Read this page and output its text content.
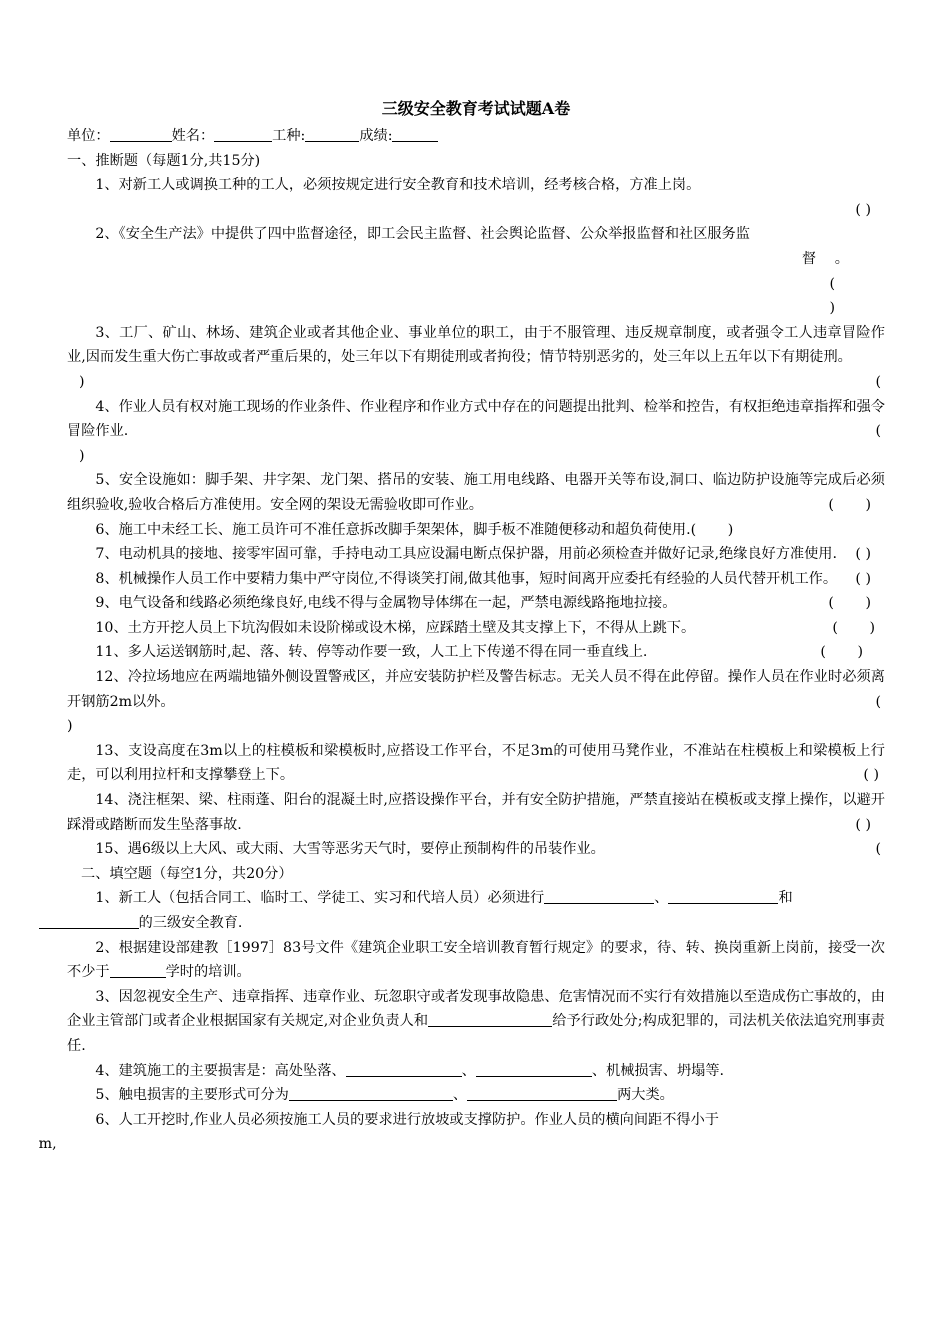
三级安全教育考试试题A卷

单位：	姓名：	工种:	成绩:

一、推断题（每题1分,共15分)

1、对新工人或调换工种的工人，必须按规定进行安全教育和技术培训，经考核合格，方准上岗。

( )

2、《安全生产法》中提供了四中监督途径，即工会民主监督、社会舆论监督、公众举报监督和社区服务监

督　 。

(

)

3、工厂、矿山、林场、建筑企业或者其他企业、事业单位的职工，由于不服管理、违反规章制度，或者强令工人违章冒险作业,因而发生重大伤亡事故或者严重后果的，处三年以下有期徒刑或者拘役；情节特别恶劣的，处三年以上五年以下有期徒刑。
(

)

4、作业人员有权对施工现场的作业条件、作业程序和作业方式中存在的问题提出批判、检举和控告，有权拒绝违章指挥和强令冒险作业.	(

)

5、安全设施如：脚手架、井字架、龙门架、搭吊的安装、施工用电线路、电器开关等布设,洞口、临边防护设施等完成后必须组织验收,验收合格后方准使用。安全网的架设无需验收即可作业。	(       )

6、施工中未经工长、施工员许可不准任意拆改脚手架架体，脚手板不准随便移动和超负荷使用.(       )

7、电动机具的接地、接零牢固可靠，手持电动工具应设漏电断点保护器，用前必须检查并做好记录,绝缘良好方准使用.	( )

8、机械操作人员工作中要精力集中严守岗位,不得谈笑打闹,做其他事，短时间离开应委托有经验的人员代替开机工作。	( )

9、电气设备和线路必须绝缘良好,电线不得与金属物导体绑在一起，严禁电源线路拖地拉接。	(       )

10、土方开挖人员上下坑沟假如未设阶梯或设木梯，应踩踏土壁及其支撑上下，不得从上跳下。	(       )

11、多人运送钢筋时,起、落、转、停等动作要一致，人工上下传递不得在同一垂直线上.	(       )

12、冷拉场地应在两端地锚外侧设置警戒区，并应安装防护栏及警告标志。无关人员不得在此停留。操作人员在作业时必须离开钢筋2m以外。	(

)

13、支设高度在3m以上的柱模板和梁模板时,应搭设工作平台，不足3m的可使用马凳作业，不准站在柱模板上和梁模板上行走，可以利用拉杆和支撑攀登上下。	( )

14、浇注框架、梁、柱雨蓬、阳台的混凝土时,应搭设操作平台，并有安全防护措施，严禁直接站在模板或支撑上操作，以避开踩滑或踏断而发生坠落事故.	( )

15、遇6级以上大风、或大雨、大雪等恶劣天气时，要停止预制构件的吊装作业。	(

二、填空题（每空1分，共20分）

1、新工人（包括合同工、临时工、学徒工、实习和代培人员）必须进行	、	和
的三级安全教育.

2、根据建设部建教［1997］83号文件《建筑企业职工安全培训教育暂行规定》的要求，待、转、换岗重新上岗前，接受一次不少于	学时的培训。

3、因忽视安全生产、违章指挥、违章作业、玩忽职守或者发现事故隐患、危害情况而不实行有效措施以至造成伤亡事故的，由企业主管部门或者企业根据国家有关规定,对企业负责人和	给予行政处分;构成犯罪的，司法机关依法追究刑事责任.

4、建筑施工的主要损害是：高处坠落、	、	、机械损害、坍塌等.

5、触电损害的主要形式可分为	、	两大类。

6、人工开挖时,作业人员必须按施工人员的要求进行放坡或支撑防护。作业人员的横向间距不得小于
m,
